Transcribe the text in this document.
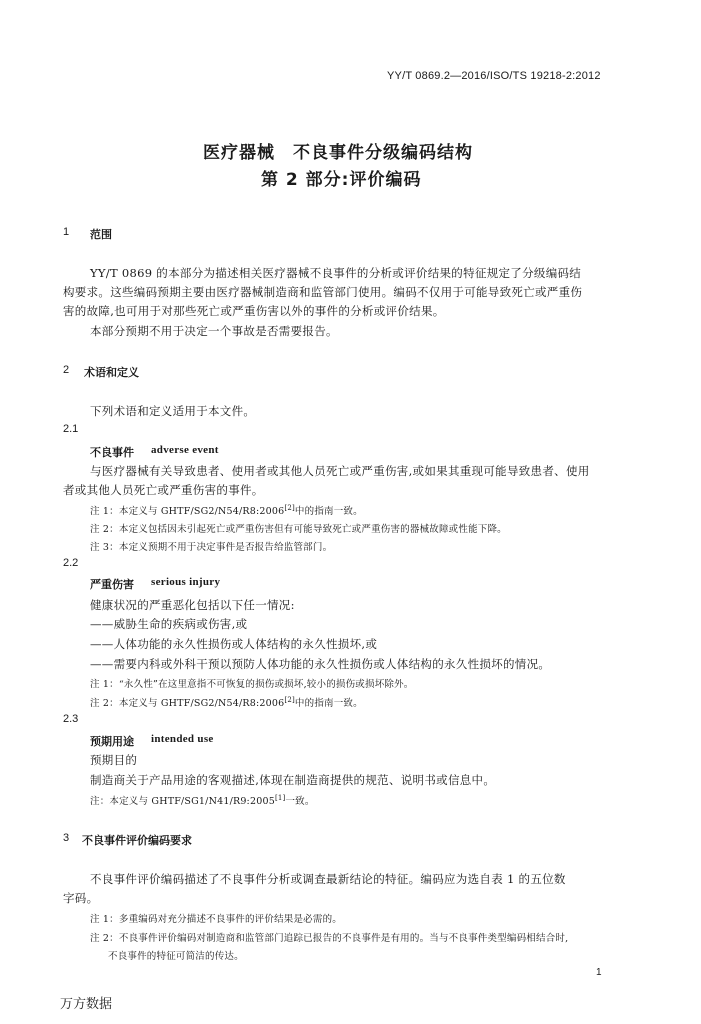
YY/T 0869.2—2016/ISO/TS 19218-2:2012
医疗器械　不良事件分级编码结构
第 2 部分:评价编码
1 范围
YY/T 0869 的本部分为描述相关医疗器械不良事件的分析或评价结果的特征规定了分级编码结
构要求。这些编码预期主要由医疗器械制造商和监管部门使用。编码不仅用于可能导致死亡或严重伤
害的故障,也可用于对那些死亡或严重伤害以外的事件的分析或评价结果。
本部分预期不用于决定一个事故是否需要报告。
2 术语和定义
下列术语和定义适用于本文件。
2.1
不良事件 adverse event
与医疗器械有关导致患者、使用者或其他人员死亡或严重伤害,或如果其重现可能导致患者、使用
者或其他人员死亡或严重伤害的事件。
注 1：本定义与 GHTF/SG2/N54/R8:2006[2]中的指南一致。
注 2：本定义包括因未引起死亡或严重伤害但有可能导致死亡或严重伤害的器械故障或性能下降。
注 3：本定义预期不用于决定事件是否报告给监管部门。
2.2
严重伤害 serious injury
健康状况的严重恶化包括以下任一情况:
——威胁生命的疾病或伤害,或
——人体功能的永久性损伤或人体结构的永久性损坏,或
——需要内科或外科干预以预防人体功能的永久性损伤或人体结构的永久性损坏的情况。
注 1：“永久性”在这里意指不可恢复的损伤或损坏,较小的损伤或损坏除外。
注 2：本定义与 GHTF/SG2/N54/R8:2006[2]中的指南一致。
2.3
预期用途 intended use
预期目的
制造商关于产品用途的客观描述,体现在制造商提供的规范、说明书或信息中。
注：本定义与 GHTF/SG1/N41/R9:2005[1]一致。
3 不良事件评价编码要求
不良事件评价编码描述了不良事件分析或调查最新结论的特征。编码应为选自表 1 的五位数
字码。
注 1：多重编码对充分描述不良事件的评价结果是必需的。
注 2：不良事件评价编码对制造商和监管部门追踪已报告的不良事件是有用的。当与不良事件类型编码相结合时,
不良事件的特征可简洁的传达。
1
万方数据
